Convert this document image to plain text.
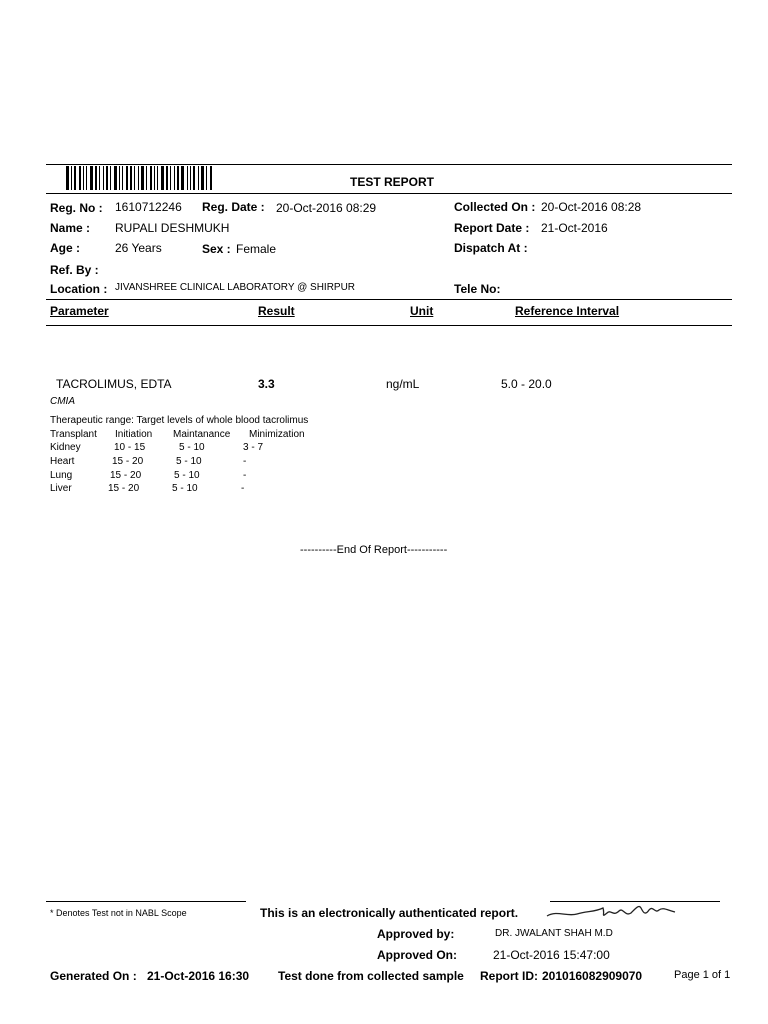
TEST REPORT
Reg. No : 1610712246 Reg. Date : 20-Oct-2016 08:29
Name : RUPALI DESHMUKH
Age :	26 Years	Sex : Female
Ref. By :
Location : JIVANSHREE CLINICAL LABORATORY @ SHIRPUR
Collected On : 20-Oct-2016 08:28
Report Date : 21-Oct-2016
Dispatch At :
Tele No:
Parameter	Result	Unit	Reference Interval
TACROLIMUS, EDTA	3.3	ng/mL	5.0 - 20.0
CMIA
Therapeutic range: Target levels of whole blood tacrolimus
Transplant Initiation Maintanance Minimization
Kidney	10 - 15	5 - 10	3 - 7
Heart	15 - 20	5 - 10	-
Lung	15 - 20	5 - 10	-
Liver	15 - 20	5 - 10	-
----------End Of Report-----------
* Denotes Test not in NABL Scope	This is an electronically authenticated report.
Approved by:	DR. JWALANT SHAH M.D
Approved On:	21-Oct-2016 15:47:00
Generated On : 21-Oct-2016 16:30 Test done from collected sample Report ID: 201016082909070	Page 1 of 1
